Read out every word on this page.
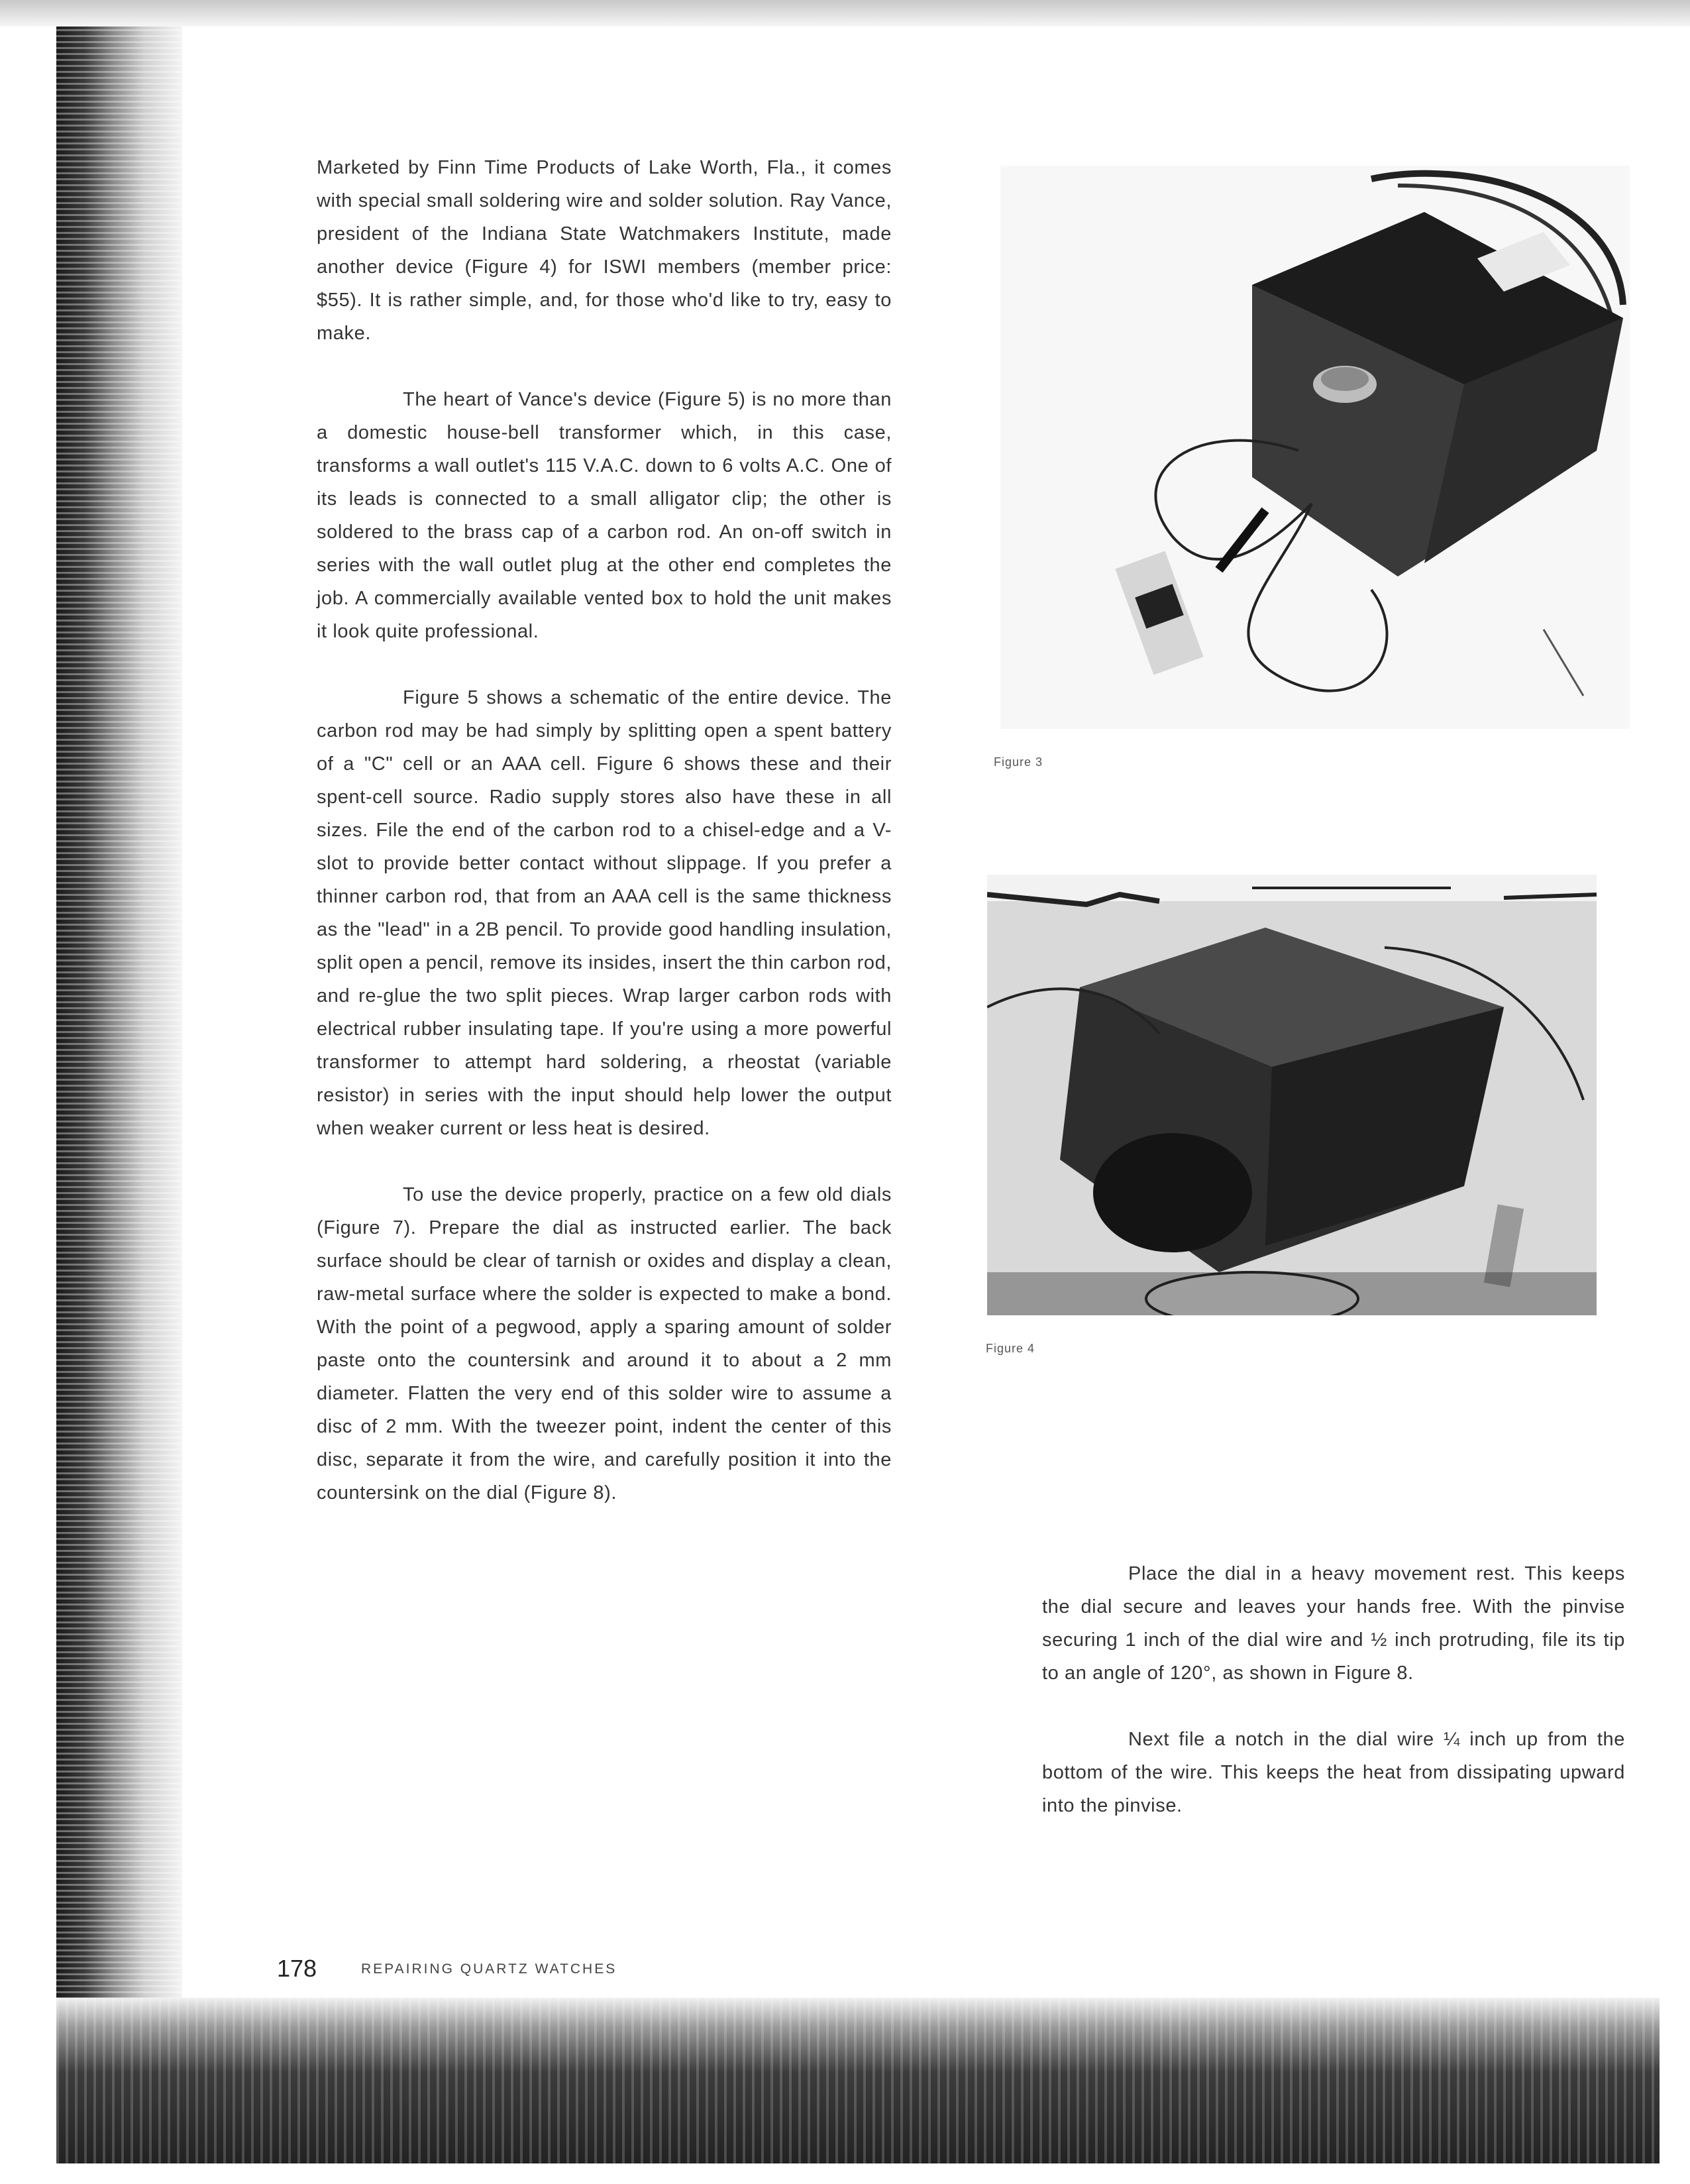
Marketed by Finn Time Products of Lake Worth, Fla., it comes with special small soldering wire and solder solution. Ray Vance, president of the Indiana State Watchmakers Institute, made another device (Figure 4) for ISWI members (member price: $55). It is rather simple, and, for those who'd like to try, easy to make.

The heart of Vance's device (Figure 5) is no more than a domestic house-bell transformer which, in this case, transforms a wall outlet's 115 V.A.C. down to 6 volts A.C. One of its leads is connected to a small alligator clip; the other is soldered to the brass cap of a carbon rod. An on-off switch in series with the wall outlet plug at the other end completes the job. A commercially available vented box to hold the unit makes it look quite professional.

Figure 5 shows a schematic of the entire device. The carbon rod may be had simply by splitting open a spent battery of a "C" cell or an AAA cell. Figure 6 shows these and their spent-cell source. Radio supply stores also have these in all sizes. File the end of the carbon rod to a chisel-edge and a V-slot to provide better contact without slippage. If you prefer a thinner carbon rod, that from an AAA cell is the same thickness as the "lead" in a 2B pencil. To provide good handling insulation, split open a pencil, remove its insides, insert the thin carbon rod, and re-glue the two split pieces. Wrap larger carbon rods with electrical rubber insulating tape. If you're using a more powerful transformer to attempt hard soldering, a rheostat (variable resistor) in series with the input should help lower the output when weaker current or less heat is desired.

To use the device properly, practice on a few old dials (Figure 7). Prepare the dial as instructed earlier. The back surface should be clear of tarnish or oxides and display a clean, raw-metal surface where the solder is expected to make a bond. With the point of a pegwood, apply a sparing amount of solder paste onto the countersink and around it to about a 2 mm diameter. Flatten the very end of this solder wire to assume a disc of 2 mm. With the tweezer point, indent the center of this disc, separate it from the wire, and carefully position it into the countersink on the dial (Figure 8).

Figure 3
Figure 4

Place the dial in a heavy movement rest. This keeps the dial secure and leaves your hands free. With the pinvise securing 1 inch of the dial wire and ½ inch protruding, file its tip to an angle of 120°, as shown in Figure 8.

Next file a notch in the dial wire ¼ inch up from the bottom of the wire. This keeps the heat from dissipating upward into the pinvise.

178	REPAIRING QUARTZ WATCHES
